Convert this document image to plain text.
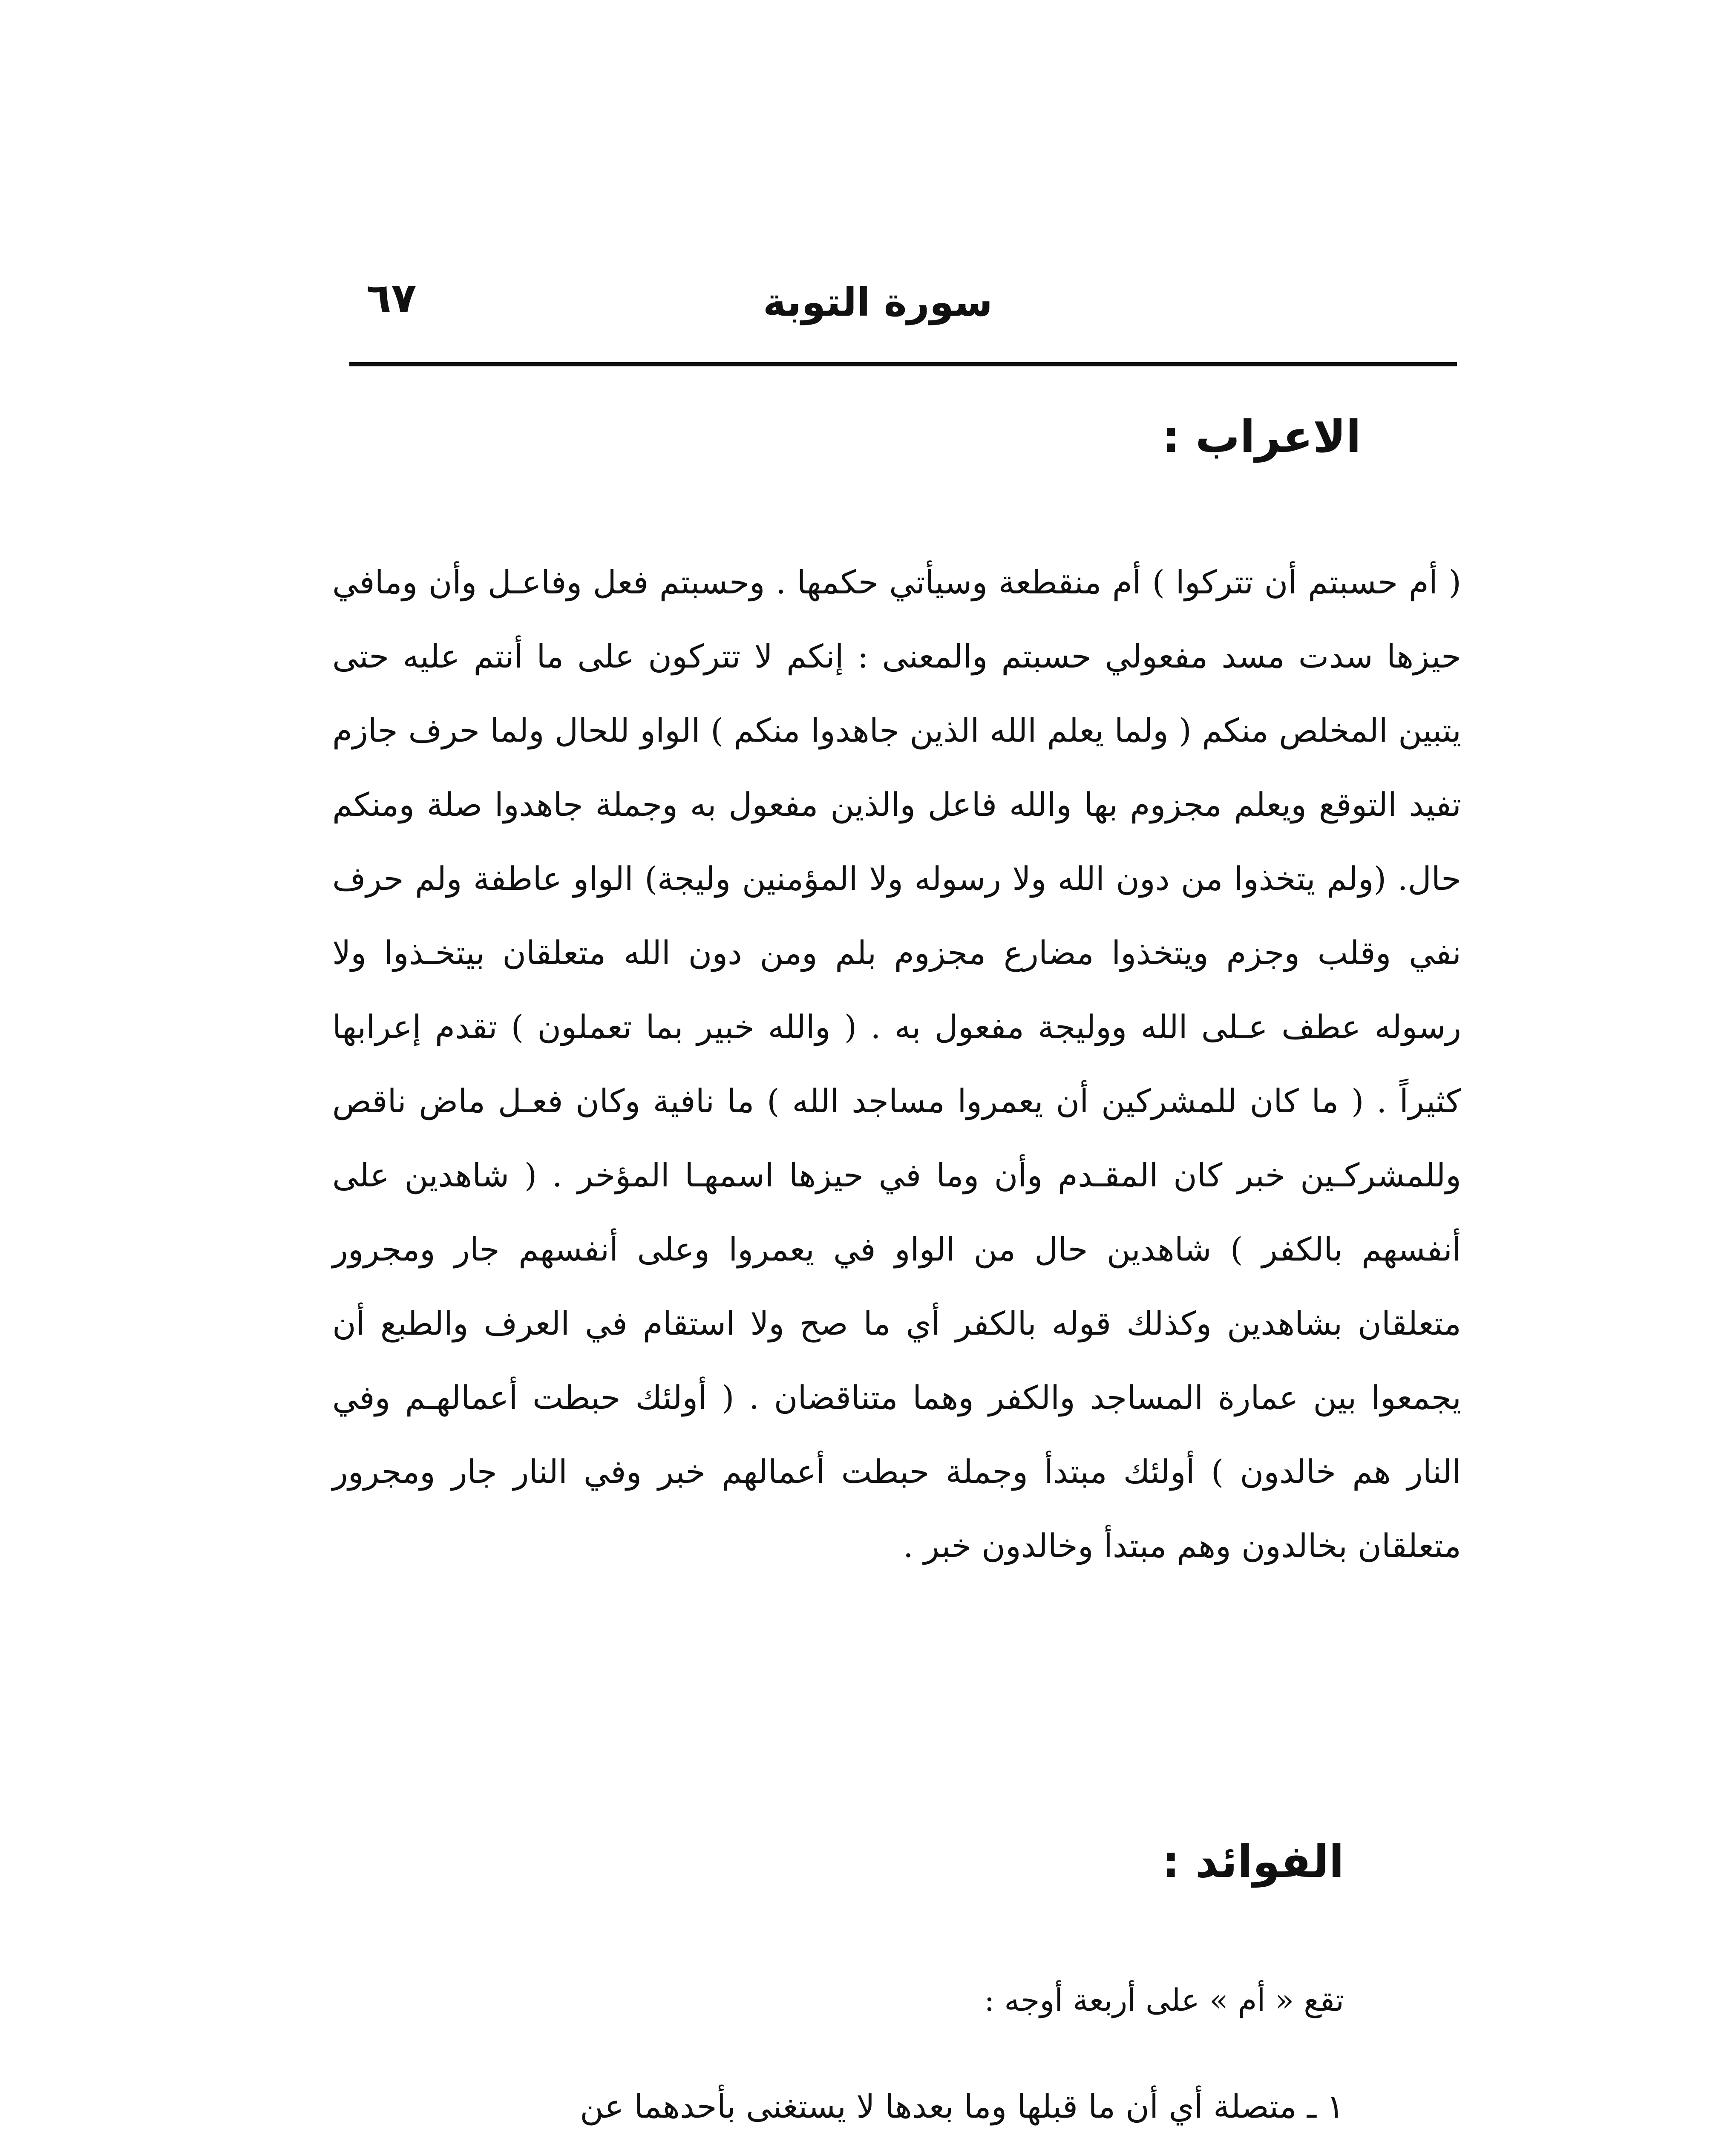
سورة التوبة
٦٧
الاعراب :
( أم حسبتم أن تتركوا ) أم منقطعة وسيأتي حكمها . وحسبتم فعل وفاعـل وأن ومافي حيزها سدت مسد مفعولي حسبتم والمعنى : إنكم لا تتركون على ما أنتم عليه حتى يتبين المخلص منكم ( ولما يعلم الله الذين جاهدوا منكم ) الواو للحال ولما حرف جازم تفيد التوقع ويعلم مجزوم بها والله فاعل والذين مفعول به وجملة جاهدوا صلة ومنكم حال. (ولم يتخذوا من دون الله ولا رسوله ولا المؤمنين وليجة) الواو عاطفة ولم حرف نفي وقلب وجزم ويتخذوا مضارع مجزوم بلم ومن دون الله متعلقان بيتخـذوا ولا رسوله عطف عـلى الله ووليجة مفعول به . ( والله خبير بما تعملون ) تقدم إعرابها كثيراً . ( ما كان للمشركين أن يعمروا مساجد الله ) ما نافية وكان فعـل ماض ناقص وللمشركـين خبر كان المقـدم وأن وما في حيزها اسمهـا المؤخر . ( شاهدين على أنفسهم بالكفر ) شاهدين حال من الواو في يعمروا وعلى أنفسهم جار ومجرور متعلقان بشاهدين وكذلك قوله بالكفر أي ما صح ولا استقام في العرف والطبع أن يجمعوا بين عمارة المساجد والكفر وهما متناقضان . ( أولئك حبطت أعمالهـم وفي النار هم خالدون ) أولئك مبتدأ وجملة حبطت أعمالهم خبر وفي النار جار ومجرور متعلقان بخالدون وهم مبتدأ وخالدون خبر .
الفوائد :
تقع « أم » على أربعة أوجه :
١ ـ متصلة أي أن ما قبلها وما بعدها لا يستغنى بأحدهما عن
